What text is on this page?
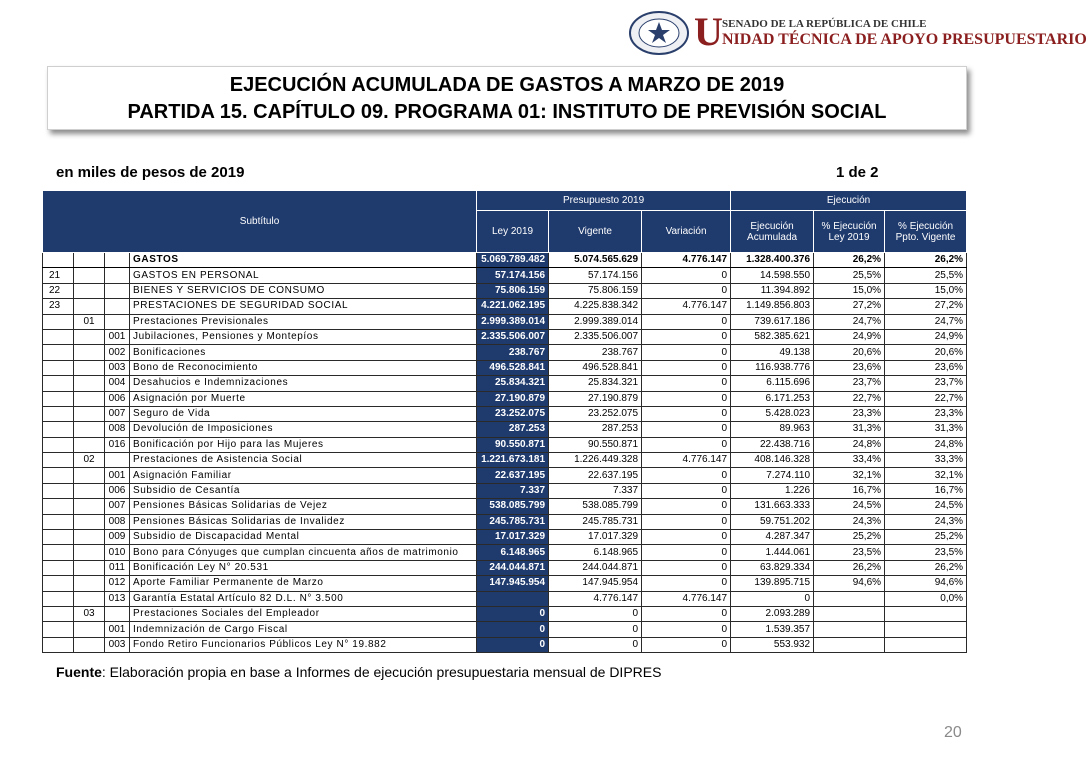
U SENADO DE LA REPÚBLICA DE CHILE
NIDAD TÉCNICA DE APOYO PRESUPUESTARIO
EJECUCIÓN ACUMULADA DE GASTOS A MARZO DE 2019
PARTIDA 15. CAPÍTULO 09. PROGRAMA 01: INSTITUTO DE PREVISIÓN SOCIAL
en miles de pesos de 2019	1 de 2
Subtítulo				Presupuesto 2019			Ejecución		
				Ley 2019	Vigente	Variación	Ejecución Acumulada	% Ejecución Ley 2019	% Ejecución Ppto. Vigente
			GASTOS	5.069.789.482	5.074.565.629	4.776.147	1.328.400.376	26,2%	26,2%
21			GASTOS EN PERSONAL	57.174.156	57.174.156	0	14.598.550	25,5%	25,5%
22			BIENES Y SERVICIOS DE CONSUMO	75.806.159	75.806.159	0	11.394.892	15,0%	15,0%
23			PRESTACIONES DE SEGURIDAD SOCIAL	4.221.062.195	4.225.838.342	4.776.147	1.149.856.803	27,2%	27,2%
	01		Prestaciones Previsionales	2.999.389.014	2.999.389.014	0	739.617.186	24,7%	24,7%
		001	Jubilaciones, Pensiones y Montepíos	2.335.506.007	2.335.506.007	0	582.385.621	24,9%	24,9%
		002	Bonificaciones	238.767	238.767	0	49.138	20,6%	20,6%
		003	Bono de Reconocimiento	496.528.841	496.528.841	0	116.938.776	23,6%	23,6%
		004	Desahucios e Indemnizaciones	25.834.321	25.834.321	0	6.115.696	23,7%	23,7%
		006	Asignación por Muerte	27.190.879	27.190.879	0	6.171.253	22,7%	22,7%
		007	Seguro de Vida	23.252.075	23.252.075	0	5.428.023	23,3%	23,3%
		008	Devolución de Imposiciones	287.253	287.253	0	89.963	31,3%	31,3%
		016	Bonificación por Hijo para las Mujeres	90.550.871	90.550.871	0	22.438.716	24,8%	24,8%
	02		Prestaciones de Asistencia Social	1.221.673.181	1.226.449.328	4.776.147	408.146.328	33,4%	33,3%
		001	Asignación Familiar	22.637.195	22.637.195	0	7.274.110	32,1%	32,1%
		006	Subsidio de Cesantía	7.337	7.337	0	1.226	16,7%	16,7%
		007	Pensiones Básicas Solidarias de Vejez	538.085.799	538.085.799	0	131.663.333	24,5%	24,5%
		008	Pensiones Básicas Solidarias de Invalidez	245.785.731	245.785.731	0	59.751.202	24,3%	24,3%
		009	Subsidio de Discapacidad Mental	17.017.329	17.017.329	0	4.287.347	25,2%	25,2%
		010	Bono para Cónyuges que cumplan cincuenta años de matrimonio	6.148.965	6.148.965	0	1.444.061	23,5%	23,5%
		011	Bonificación Ley N° 20.531	244.044.871	244.044.871	0	63.829.334	26,2%	26,2%
		012	Aporte Familiar Permanente de Marzo	147.945.954	147.945.954	0	139.895.715	94,6%	94,6%
		013	Garantía Estatal Artículo 82 D.L. N° 3.500		4.776.147	4.776.147	0		0,0%
	03		Prestaciones Sociales del Empleador	0	0	0	2.093.289		
		001	Indemnización de Cargo Fiscal	0	0	0	1.539.357		
		003	Fondo Retiro Funcionarios Públicos Ley N° 19.882	0	0	0	553.932		
Fuente: Elaboración propia en base a Informes de ejecución presupuestaria mensual de DIPRES
20
